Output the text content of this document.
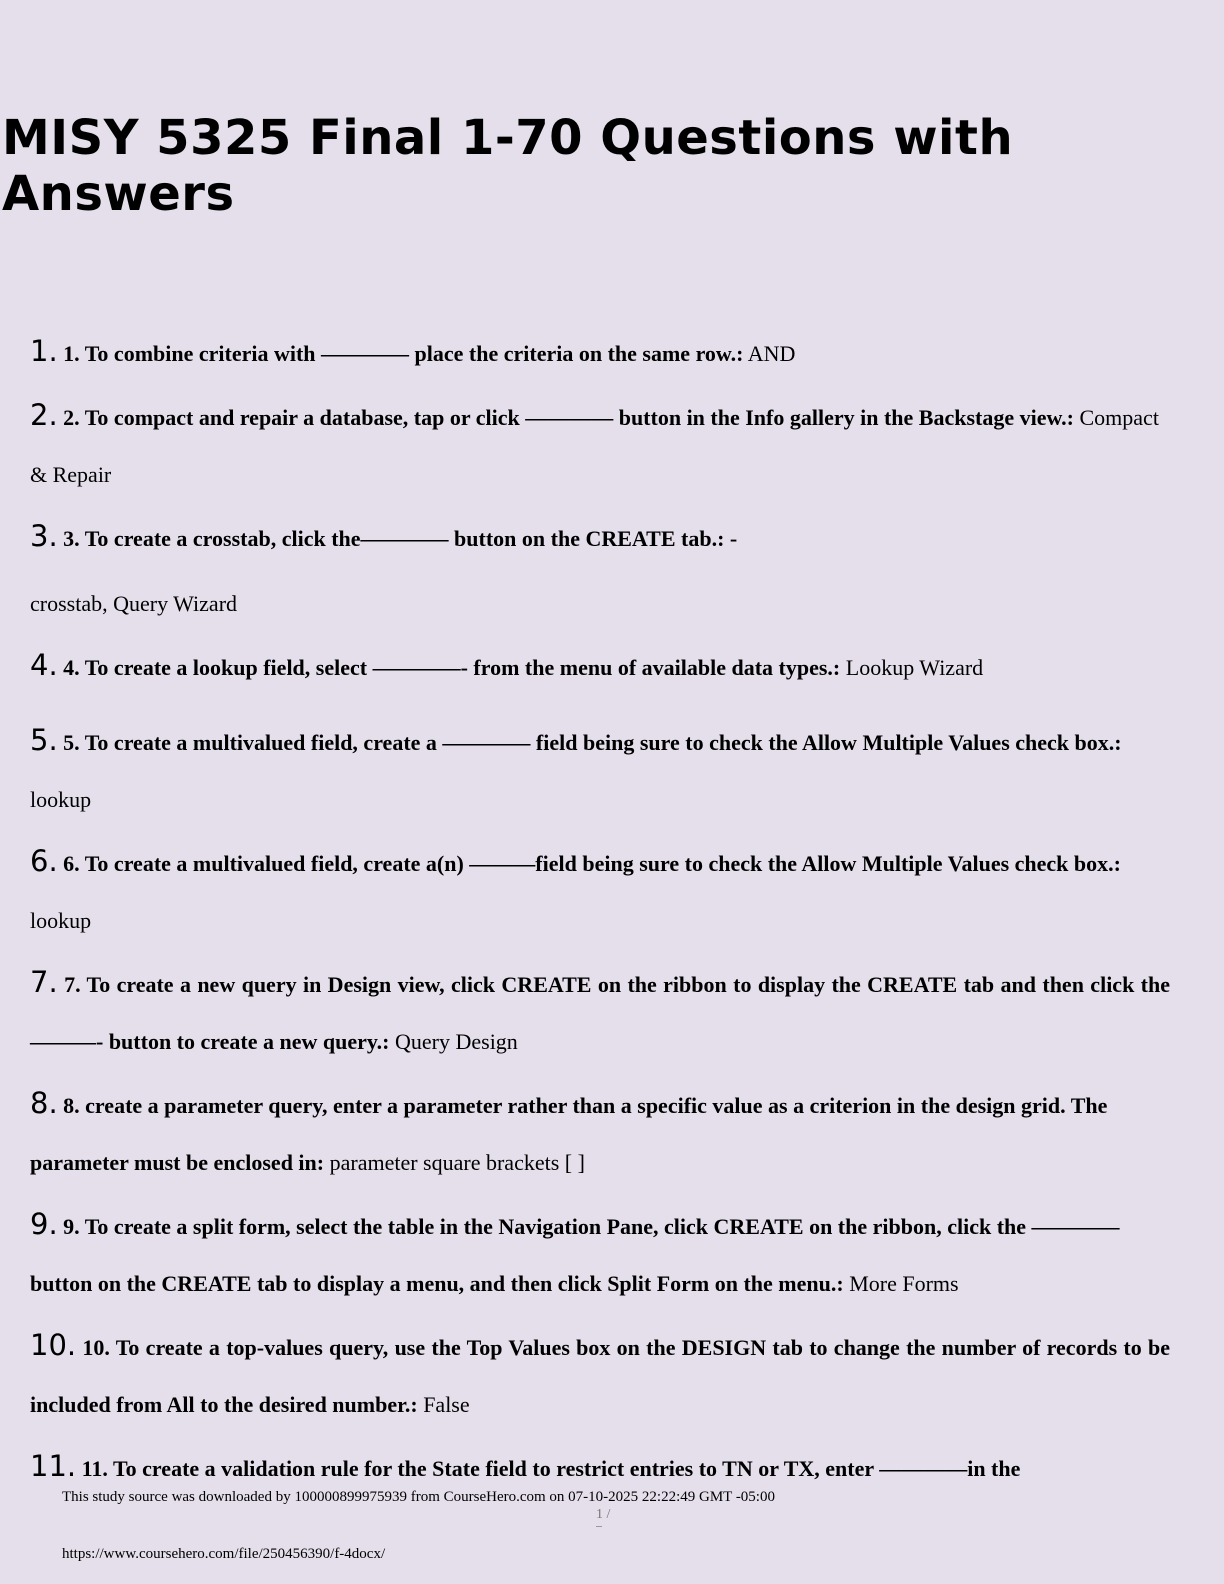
MISY 5325 Final 1-70 Questions with Answers

1. 1. To combine criteria with ———— place the criteria on the same row.: AND

2. 2. To compact and repair a database, tap or click ———— button in the Info gallery in the Backstage view.: Compact & Repair

3. 3. To create a crosstab, click the———— button on the CREATE tab.: -
crosstab, Query Wizard

4. 4. To create a lookup field, select ————- from the menu of available data types.: Lookup Wizard

5. 5. To create a multivalued field, create a ———— field being sure to check the Allow Multiple Values check box.: lookup

6. 6. To create a multivalued field, create a(n) ———field being sure to check the Allow Multiple Values check box.: lookup

7. 7. To create a new query in Design view, click CREATE on the ribbon to display the CREATE tab and then click the ———- button to create a new query.: Query Design

8. 8. create a parameter query, enter a parameter rather than a specific value as a criterion in the design grid. The parameter must be enclosed in: parameter square brackets [ ]

9. 9. To create a split form, select the table in the Navigation Pane, click CREATE on the ribbon, click the ———— button on the CREATE tab to display a menu, and then click Split Form on the menu.: More Forms

10. 10. To create a top-values query, use the Top Values box on the DESIGN tab to change the number of records to be included from All to the desired number.: False

11. 11. To create a validation rule for the State field to restrict entries to TN or TX, enter ————in the

This study source was downloaded by 100000899975939 from CourseHero.com on 07-10-2025 22:22:49 GMT -05:00
1 /
https://www.coursehero.com/file/250456390/f-4docx/
